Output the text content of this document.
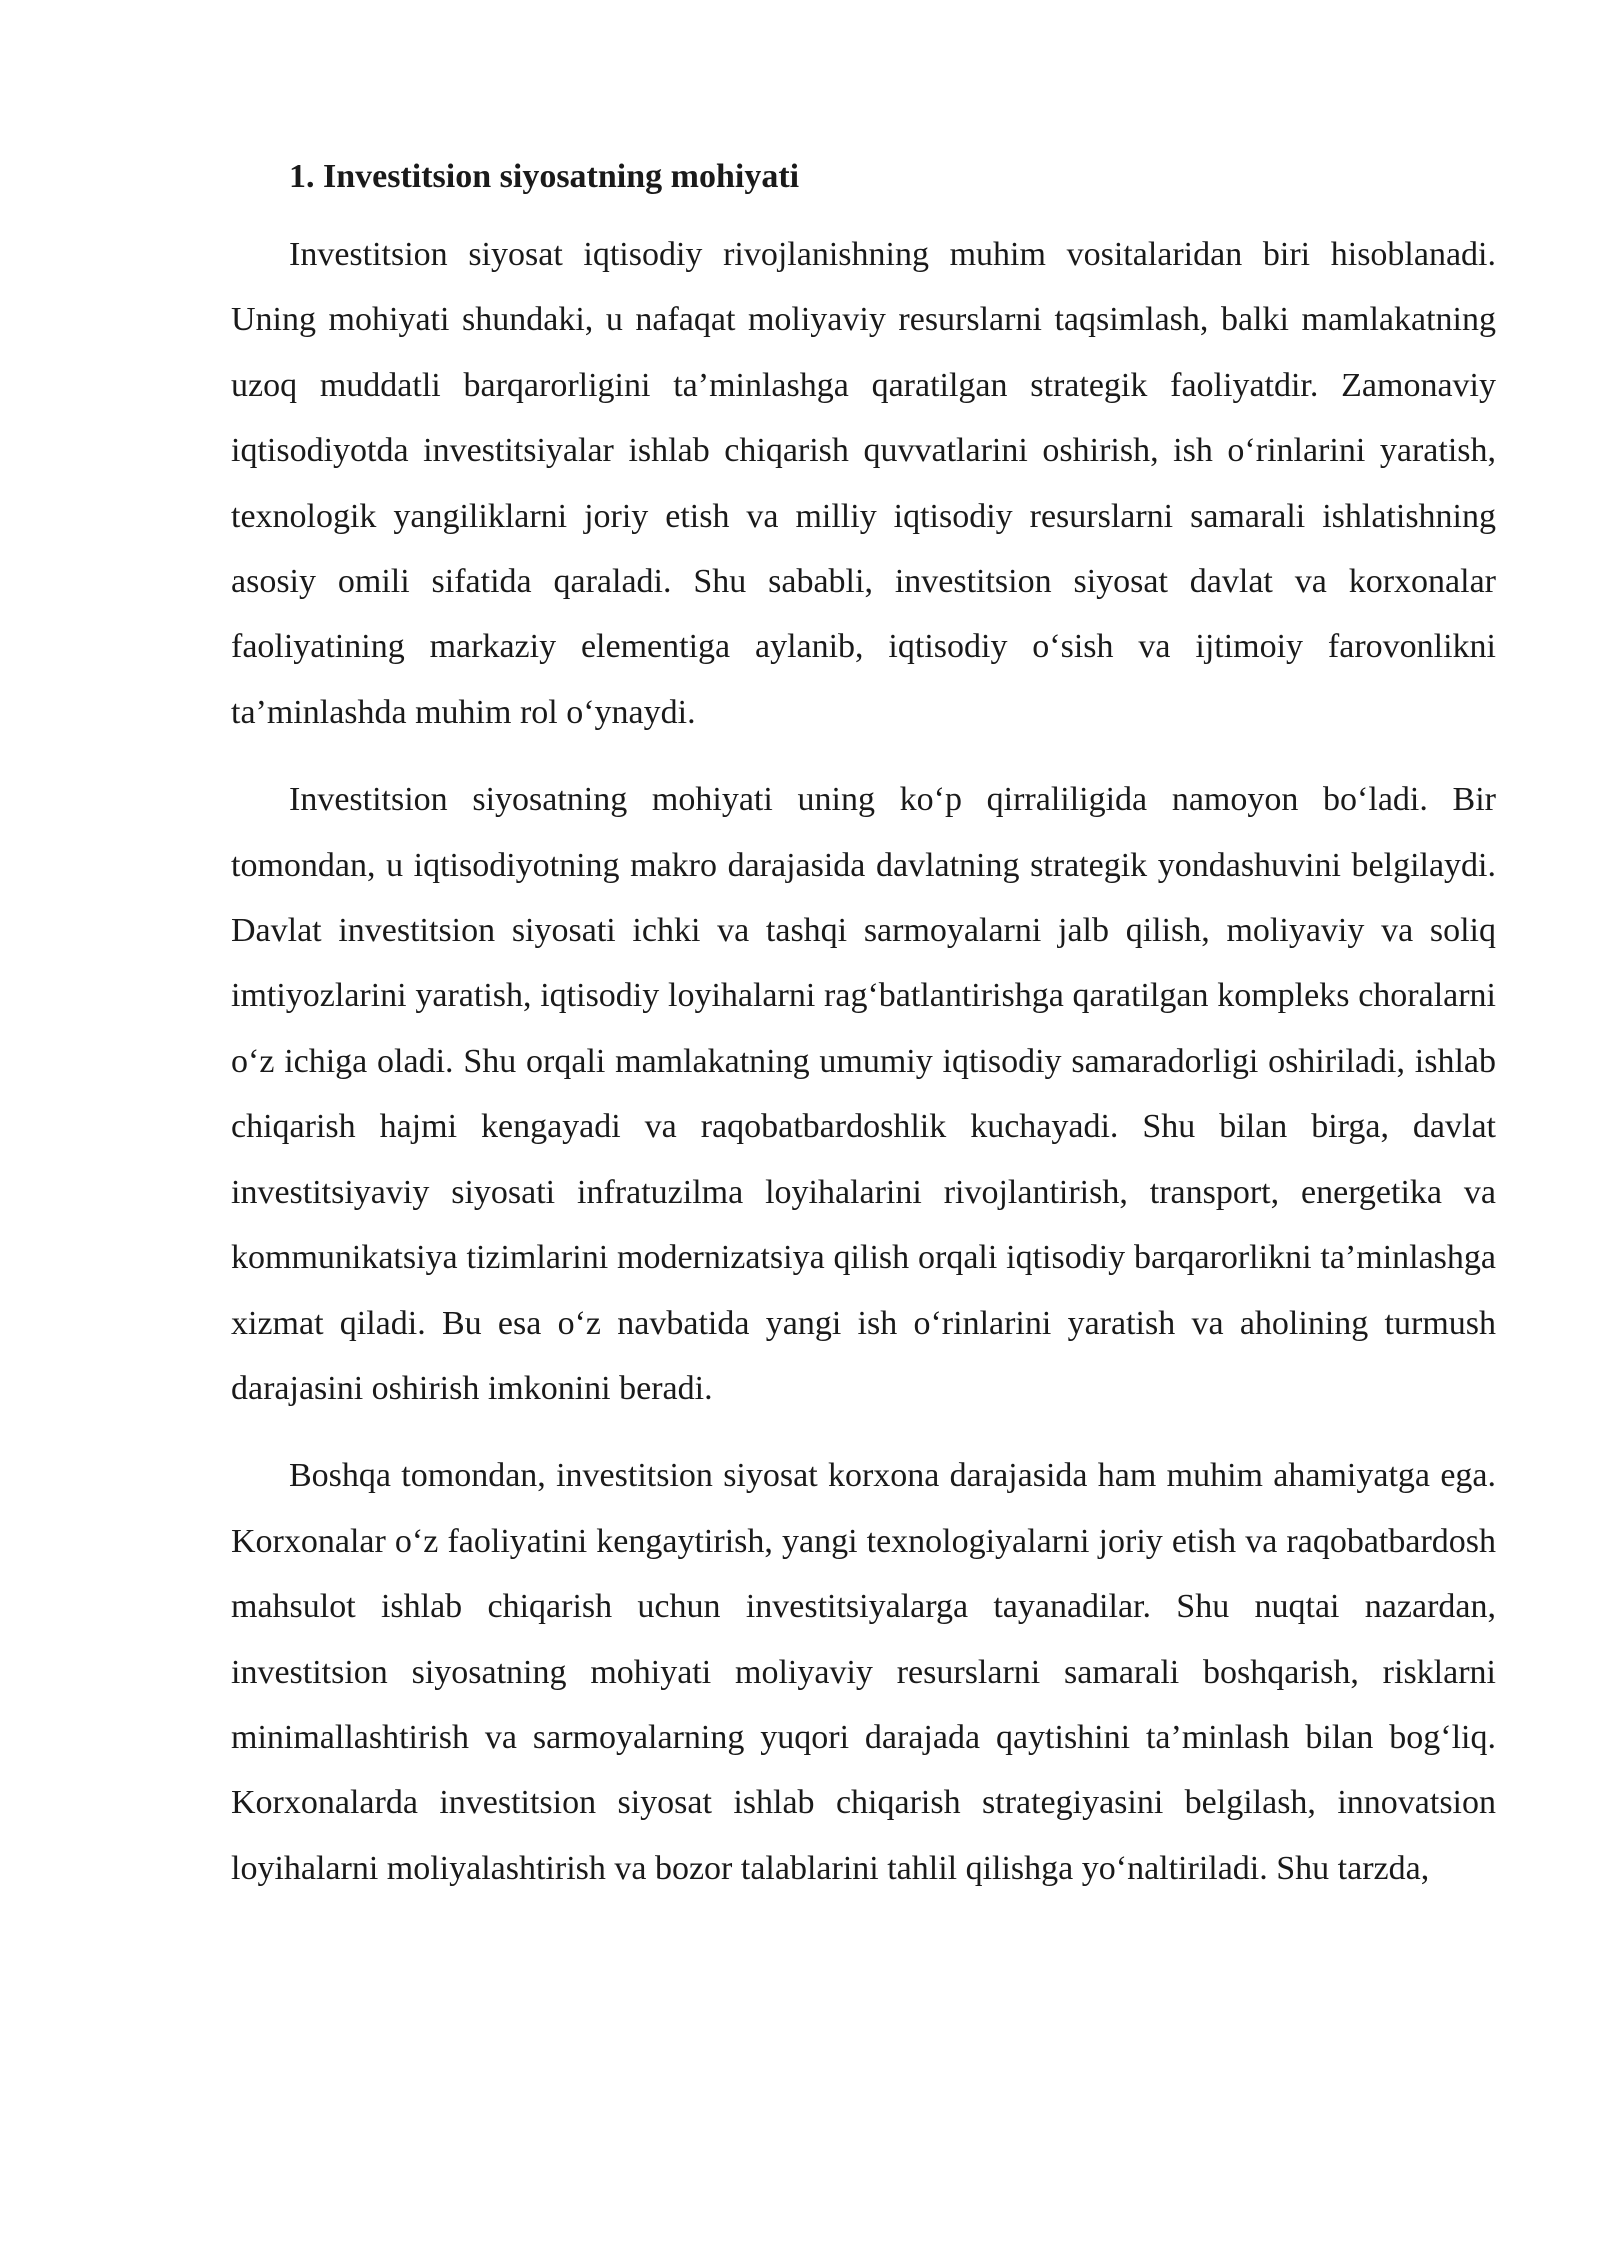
1. Investitsion siyosatning mohiyati

Investitsion siyosat iqtisodiy rivojlanishning muhim vositalaridan biri hisoblanadi. Uning mohiyati shundaki, u nafaqat moliyaviy resurslarni taqsimlash, balki mamlakatning uzoq muddatli barqarorligini ta’minlashga qaratilgan strategik faoliyatdir. Zamonaviy iqtisodiyotda investitsiyalar ishlab chiqarish quvvatlarini oshirish, ish o‘rinlarini yaratish, texnologik yangiliklarni joriy etish va milliy iqtisodiy resurslarni samarali ishlatishning asosiy omili sifatida qaraladi. Shu sababli, investitsion siyosat davlat va korxonalar faoliyatining markaziy elementiga aylanib, iqtisodiy o‘sish va ijtimoiy farovonlikni ta’minlashda muhim rol o‘ynaydi.

Investitsion siyosatning mohiyati uning ko‘p qirraliligida namoyon bo‘ladi. Bir tomondan, u iqtisodiyotning makro darajasida davlatning strategik yondashuvini belgilaydi. Davlat investitsion siyosati ichki va tashqi sarmoyalarni jalb qilish, moliyaviy va soliq imtiyozlarini yaratish, iqtisodiy loyihalarni rag‘batlantirishga qaratilgan kompleks choralarni o‘z ichiga oladi. Shu orqali mamlakatning umumiy iqtisodiy samaradorligi oshiriladi, ishlab chiqarish hajmi kengayadi va raqobatbardoshlik kuchayadi. Shu bilan birga, davlat investitsiyaviy siyosati infratuzilma loyihalarini rivojlantirish, transport, energetika va kommunikatsiya tizimlarini modernizatsiya qilish orqali iqtisodiy barqarorlikni ta’minlashga xizmat qiladi. Bu esa o‘z navbatida yangi ish o‘rinlarini yaratish va aholining turmush darajasini oshirish imkonini beradi.

Boshqa tomondan, investitsion siyosat korxona darajasida ham muhim ahamiyatga ega. Korxonalar o‘z faoliyatini kengaytirish, yangi texnologiyalarni joriy etish va raqobatbardosh mahsulot ishlab chiqarish uchun investitsiyalarga tayanadilar. Shu nuqtai nazardan, investitsion siyosatning mohiyati moliyaviy resurslarni samarali boshqarish, risklarni minimallashtirish va sarmoyalarning yuqori darajada qaytishini ta’minlash bilan bog‘liq. Korxonalarda investitsion siyosat ishlab chiqarish strategiyasini belgilash, innovatsion loyihalarni moliyalashtirish va bozor talablarini tahlil qilishga yo‘naltiriladi. Shu tarzda,
